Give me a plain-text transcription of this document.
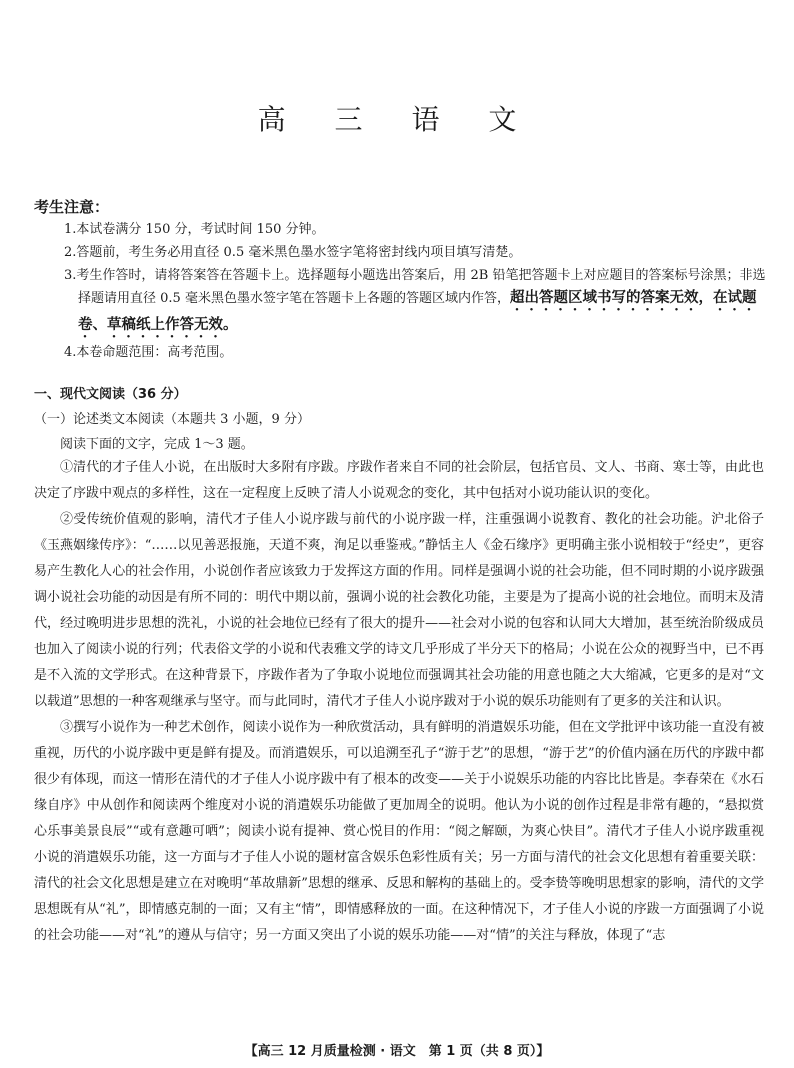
高 三 语 文
考生注意：

1.本试卷满分 150 分，考试时间 150 分钟。

2.答题前，考生务必用直径 0.5 毫米黑色墨水签字笔将密封线内项目填写清楚。

3.考生作答时，请将答案答在答题卡上。选择题每小题选出答案后，用 2B 铅笔把答题卡上对应题目的答案标号涂黑；非选择题请用直径 0.5 毫米黑色墨水签字笔在答题卡上各题的答题区域内作答，超出答题区域书写的答案无效，在试题卷、草稿纸上作答无效。

4.本卷命题范围：高考范围。

一、现代文阅读（36 分）
（一）论述类文本阅读（本题共 3 小题，9 分）
阅读下面的文字，完成 1～3 题。

①清代的才子佳人小说，在出版时大多附有序跋。序跋作者来自不同的社会阶层，包括官员、文人、书商、寒士等，由此也决定了序跋中观点的多样性，这在一定程度上反映了清人小说观念的变化，其中包括对小说功能认识的变化。

②受传统价值观的影响，清代才子佳人小说序跋与前代的小说序跋一样，注重强调小说教育、教化的社会功能。沪北俗子《玉燕姻缘传序》：“……以见善恶报施，天道不爽，洵足以垂鉴戒。”静恬主人《金石缘序》更明确主张小说相较于“经史”，更容易产生教化人心的社会作用，小说创作者应该致力于发挥这方面的作用。同样是强调小说的社会功能，但不同时期的小说序跋强调小说社会功能的动因是有所不同的：明代中期以前，强调小说的社会教化功能，主要是为了提高小说的社会地位。而明末及清代，经过晚明进步思想的洗礼，小说的社会地位已经有了很大的提升——社会对小说的包容和认同大大增加，甚至统治阶级成员也加入了阅读小说的行列；代表俗文学的小说和代表雅文学的诗文几乎形成了半分天下的格局；小说在公众的视野当中，已不再是不入流的文学形式。在这种背景下，序跋作者为了争取小说地位而强调其社会功能的用意也随之大大缩减，它更多的是对“文以载道”思想的一种客观继承与坚守。而与此同时，清代才子佳人小说序跋对于小说的娱乐功能则有了更多的关注和认识。

③撰写小说作为一种艺术创作，阅读小说作为一种欣赏活动，具有鲜明的消遣娱乐功能，但在文学批评中该功能一直没有被重视，历代的小说序跋中更是鲜有提及。而消遣娱乐，可以追溯至孔子“游于艺”的思想，“游于艺”的价值内涵在历代的序跋中都很少有体现，而这一情形在清代的才子佳人小说序跋中有了根本的改变——关于小说娱乐功能的内容比比皆是。李春荣在《水石缘自序》中从创作和阅读两个维度对小说的消遣娱乐功能做了更加周全的说明。他认为小说的创作过程是非常有趣的，“悬拟赏心乐事美景良辰”“或有意趣可哂”；阅读小说有提神、赏心悦目的作用：“阅之解颐，为爽心快目”。清代才子佳人小说序跋重视小说的消遣娱乐功能，这一方面与才子佳人小说的题材富含娱乐色彩性质有关；另一方面与清代的社会文化思想有着重要关联：清代的社会文化思想是建立在对晚明“革故鼎新”思想的继承、反思和解构的基础上的。受李贽等晚明思想家的影响，清代的文学思想既有从“礼”，即情感克制的一面；又有主“情”，即情感释放的一面。在这种情况下，才子佳人小说的序跋一方面强调了小说的社会功能——对“礼”的遵从与信守；另一方面又突出了小说的娱乐功能——对“情”的关注与释放，体现了“志

【高三 12 月质量检测 · 语文　第 1 页（共 8 页）】
